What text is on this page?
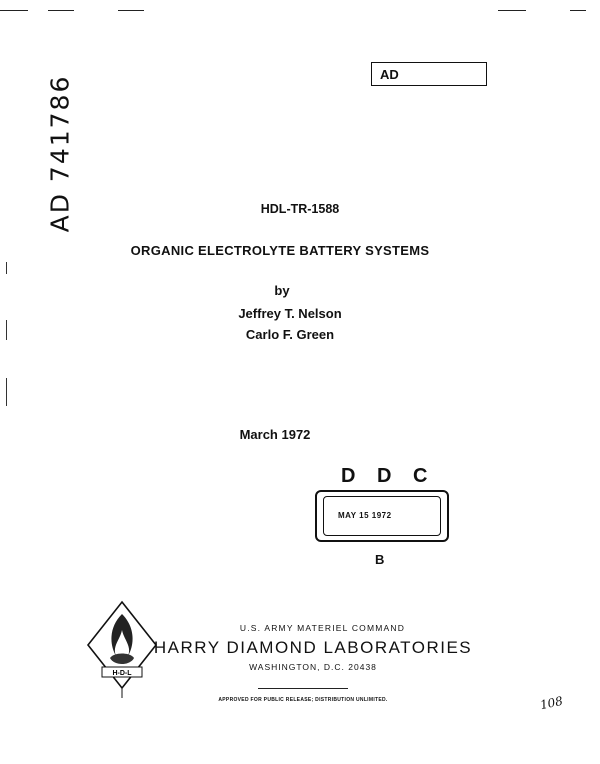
AD
AD 741786	HDL-TR-1588
ORGANIC ELECTROLYTE BATTERY SYSTEMS
by
Jeffrey T. Nelson
Carlo F. Green
March 1972
D D C
MAY 15 1972
B
H-D-L
U.S. ARMY MATERIEL COMMAND
HARRY DIAMOND LABORATORIES
WASHINGTON, D.C. 20438
APPROVED FOR PUBLIC RELEASE; DISTRIBUTION UNLIMITED.	108
